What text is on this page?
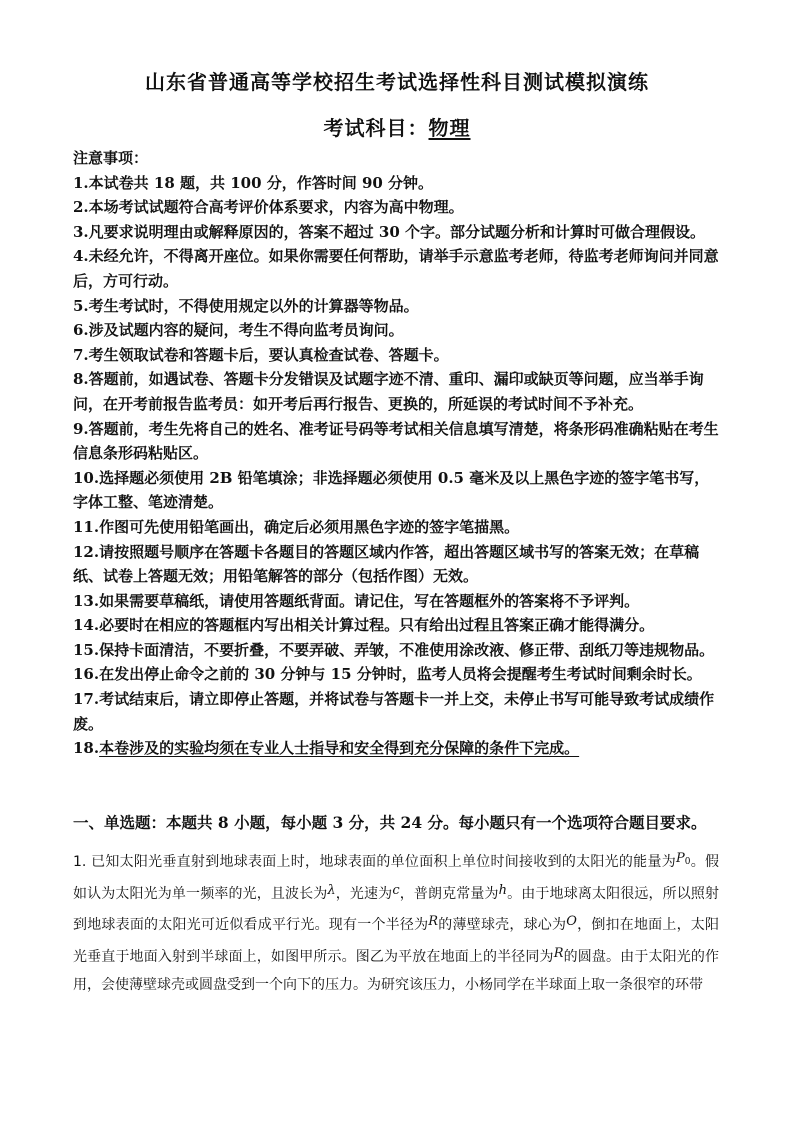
山东省普通高等学校招生考试选择性科目测试模拟演练
考试科目：物理

注意事项：

1.本试卷共 18 题，共 100 分，作答时间 90 分钟。

2.本场考试试题符合高考评价体系要求，内容为高中物理。

3.凡要求说明理由或解释原因的，答案不超过 30 个字。部分试题分析和计算时可做合理假设。

4.未经允许，不得离开座位。如果你需要任何帮助，请举手示意监考老师，待监考老师询问并同意后，方可行动。

5.考生考试时，不得使用规定以外的计算器等物品。

6.涉及试题内容的疑问，考生不得向监考员询问。

7.考生领取试卷和答题卡后，要认真检查试卷、答题卡。

8.答题前，如遇试卷、答题卡分发错误及试题字迹不清、重印、漏印或缺页等问题，应当举手询问，在开考前报告监考员：如开考后再行报告、更换的，所延误的考试时间不予补充。

9.答题前，考生先将自己的姓名、准考证号码等考试相关信息填写清楚，将条形码准确粘贴在考生信息条形码粘贴区。

10.选择题必须使用 2B 铅笔填涂；非选择题必须使用 0.5 毫米及以上黑色字迹的签字笔书写，字体工整、笔迹清楚。

11.作图可先使用铅笔画出，确定后必须用黑色字迹的签字笔描黑。

12.请按照题号顺序在答题卡各题目的答题区域内作答，超出答题区域书写的答案无效；在草稿纸、试卷上答题无效；用铅笔解答的部分（包括作图）无效。

13.如果需要草稿纸，请使用答题纸背面。请记住，写在答题框外的答案将不予评判。

14.必要时在相应的答题框内写出相关计算过程。只有给出过程且答案正确才能得满分。

15.保持卡面清洁，不要折叠，不要弄破、弄皱，不准使用涂改液、修正带、刮纸刀等违规物品。

16.在发出停止命令之前的 30 分钟与 15 分钟时，监考人员将会提醒考生考试时间剩余时长。

17.考试结束后，请立即停止答题，并将试卷与答题卡一并上交，未停止书写可能导致考试成绩作废。

18.本卷涉及的实验均须在专业人士指导和安全得到充分保障的条件下完成。

一、单选题：本题共 8 小题，每小题 3 分，共 24 分。每小题只有一个选项符合题目要求。

1. 已知太阳光垂直射到地球表面上时，地球表面的单位面积上单位时间接收到的太阳光的能量为$P_0$。假如认为太阳光为单一频率的光，且波长为λ，光速为c，普朗克常量为h。由于地球离太阳很远，所以照射到地球表面的太阳光可近似看成平行光。现有一个半径为R的薄壁球壳，球心为O，倒扣在地面上，太阳光垂直于地面入射到半球面上，如图甲所示。图乙为平放在地面上的半径同为R的圆盘。由于太阳光的作用，会使薄壁球壳或圆盘受到一个向下的压力。为研究该压力，小杨同学在半球面上取一条很窄的环带
